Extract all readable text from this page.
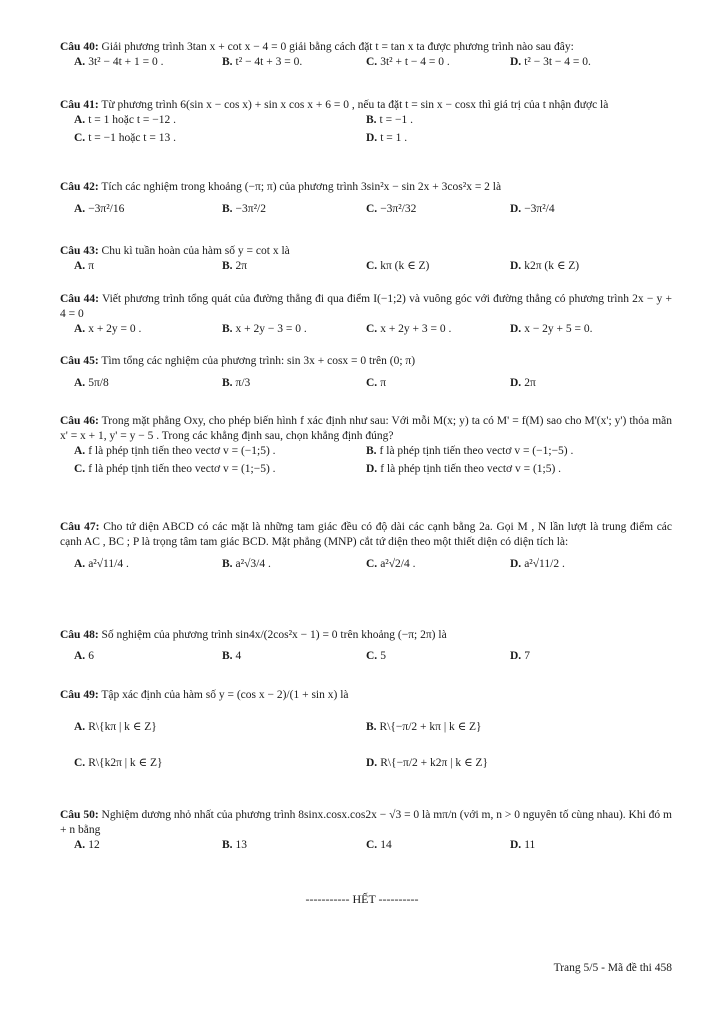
Câu 40: Giải phương trình 3tan x + cot x − 4 = 0 giải bằng cách đặt t = tan x ta được phương trình nào sau đây:
A. 3t² − 4t + 1 = 0 .	B. t² − 4t + 3 = 0.	C. 3t² + t − 4 = 0 .	D. t² − 3t − 4 = 0.
Câu 41: Từ phương trình 6(sin x − cos x) + sin x cos x + 6 = 0 , nếu ta đặt t = sin x − cosx thì giá trị của t nhận được là
A. t = 1 hoặc t = −12 .	B. t = −1 .
C. t = −1 hoặc t = 13 .	D. t = 1 .
Câu 42: Tích các nghiệm trong khoảng (−π; π) của phương trình 3sin²x − sin 2x + 3cos²x = 2 là
A. −3π²/16	B. −3π²/2	C. −3π²/32	D. −3π²/4
Câu 43: Chu kì tuần hoàn của hàm số y = cot x là
A. π	B. 2π	C. kπ (k ∈ Z)	D. k2π (k ∈ Z)
Câu 44: Viết phương trình tổng quát của đường thẳng đi qua điểm I(−1;2) và vuông góc với đường thẳng có phương trình 2x − y + 4 = 0
A. x + 2y = 0 .	B. x + 2y − 3 = 0 .	C. x + 2y + 3 = 0 .	D. x − 2y + 5 = 0.
Câu 45: Tìm tổng các nghiệm của phương trình: sin 3x + cosx = 0 trên (0; π)
A. 5π/8	B. π/3	C. π	D. 2π
Câu 46: Trong mặt phẳng Oxy, cho phép biến hình f xác định như sau: Với mỗi M(x; y) ta có M' = f(M) sao cho M'(x'; y') thỏa mãn x' = x + 1, y' = y − 5 . Trong các khẳng định sau, chọn khẳng định đúng?
A. f là phép tịnh tiến theo vectơ v = (−1;5) .	B. f là phép tịnh tiến theo vectơ v = (−1;−5) .
C. f là phép tịnh tiến theo vectơ v = (1;−5) .	D. f là phép tịnh tiến theo vectơ v = (1;5) .
Câu 47: Cho tứ diện ABCD có các mặt là những tam giác đều có độ dài các cạnh bằng 2a. Gọi M , N lần lượt là trung điểm các cạnh AC , BC ; P là trọng tâm tam giác BCD. Mặt phẳng (MNP) cắt tứ diện theo một thiết diện có diện tích là:
A. a²√11/4 .	B. a²√3/4 .	C. a²√2/4 .	D. a²√11/2 .
Câu 48: Số nghiệm của phương trình sin4x/(2cos²x − 1) = 0 trên khoảng (−π; 2π) là
A. 6	B. 4	C. 5	D. 7
Câu 49: Tập xác định của hàm số y = (cos x − 2)/(1 + sin x) là
A. R\{kπ | k ∈ Z}	B. R\{−π/2 + kπ | k ∈ Z}
C. R\{k2π | k ∈ Z}	D. R\{−π/2 + k2π | k ∈ Z}
Câu 50: Nghiệm dương nhỏ nhất của phương trình 8sinx.cosx.cos2x − √3 = 0 là mπ/n (với m, n > 0 nguyên tố cùng nhau). Khi đó m + n bằng
A. 12	B. 13	C. 14	D. 11
----------- HẾT ----------
Trang 5/5 - Mã đề thi 458
